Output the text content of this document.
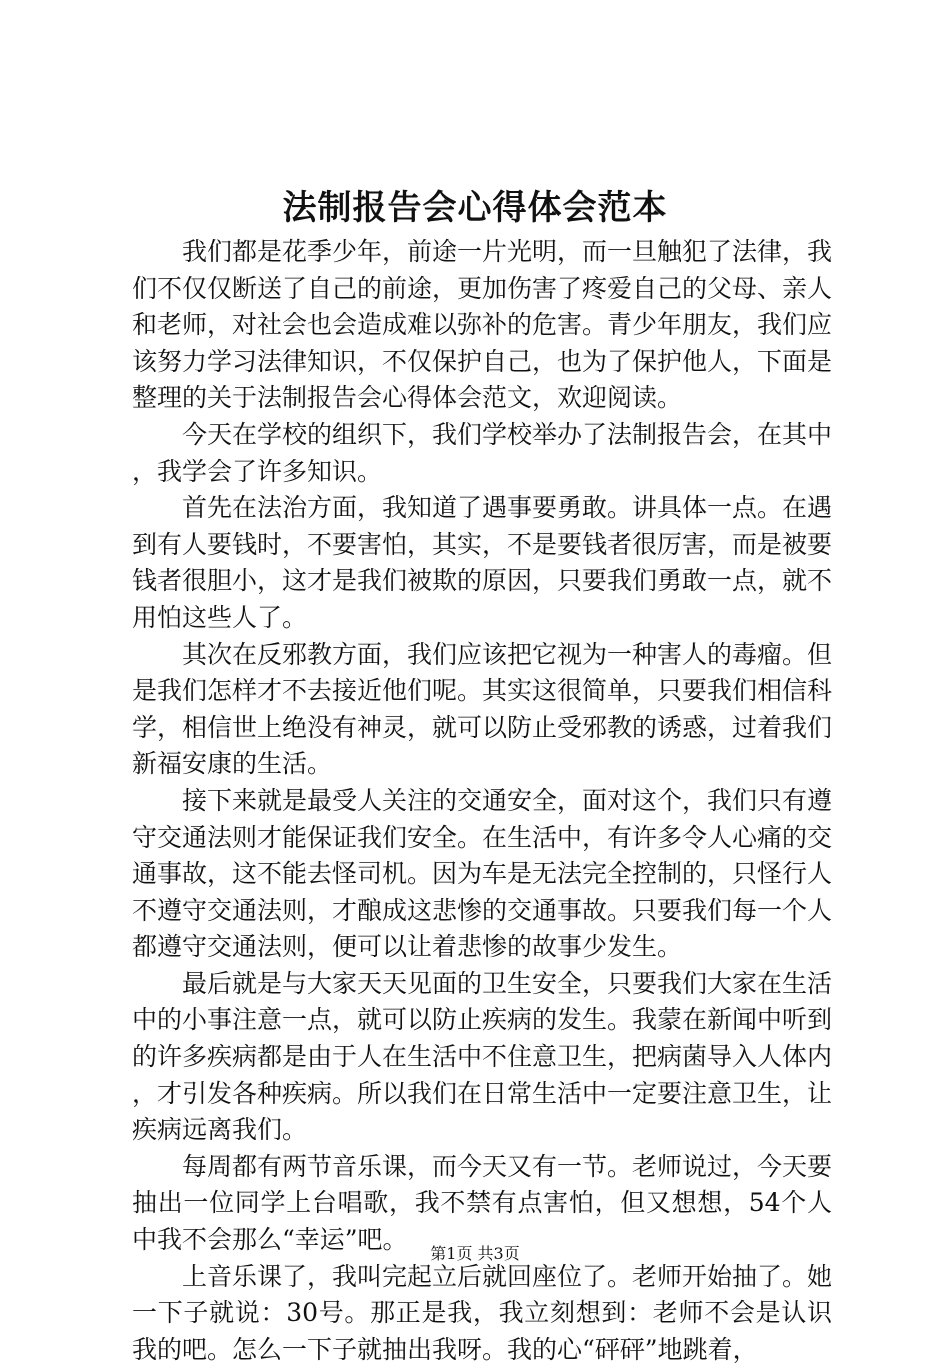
法制报告会心得体会范本

我们都是花季少年，前途一片光明，而一旦触犯了法律，我们不仅仅断送了自己的前途，更加伤害了疼爱自己的父母、亲人和老师，对社会也会造成难以弥补的危害。青少年朋友，我们应该努力学习法律知识，不仅保护自己，也为了保护他人，下面是整理的关于法制报告会心得体会范文，欢迎阅读。

今天在学校的组织下，我们学校举办了法制报告会，在其中，我学会了许多知识。

首先在法治方面，我知道了遇事要勇敢。讲具体一点。在遇到有人要钱时，不要害怕，其实，不是要钱者很厉害，而是被要钱者很胆小，这才是我们被欺的原因，只要我们勇敢一点，就不用怕这些人了。

其次在反邪教方面，我们应该把它视为一种害人的毒瘤。但是我们怎样才不去接近他们呢。其实这很简单，只要我们相信科学，相信世上绝没有神灵，就可以防止受邪教的诱惑，过着我们新福安康的生活。

接下来就是最受人关注的交通安全，面对这个，我们只有遵守交通法则才能保证我们安全。在生活中，有许多令人心痛的交通事故，这不能去怪司机。因为车是无法完全控制的，只怪行人不遵守交通法则，才酿成这悲惨的交通事故。只要我们每一个人都遵守交通法则，便可以让着悲惨的故事少发生。

最后就是与大家天天见面的卫生安全，只要我们大家在生活中的小事注意一点，就可以防止疾病的发生。我蒙在新闻中听到的许多疾病都是由于人在生活中不住意卫生，把病菌导入人体内，才引发各种疾病。所以我们在日常生活中一定要注意卫生，让疾病远离我们。

每周都有两节音乐课，而今天又有一节。老师说过，今天要抽出一位同学上台唱歌，我不禁有点害怕，但又想想，54个人中我不会那么“幸运”吧。

上音乐课了，我叫完起立后就回座位了。老师开始抽了。她一下子就说：30号。那正是我，我立刻想到：老师不会是认识我的吧。怎么一下子就抽出我呀。我的心“砰砰”地跳着，

第1页 共3页
